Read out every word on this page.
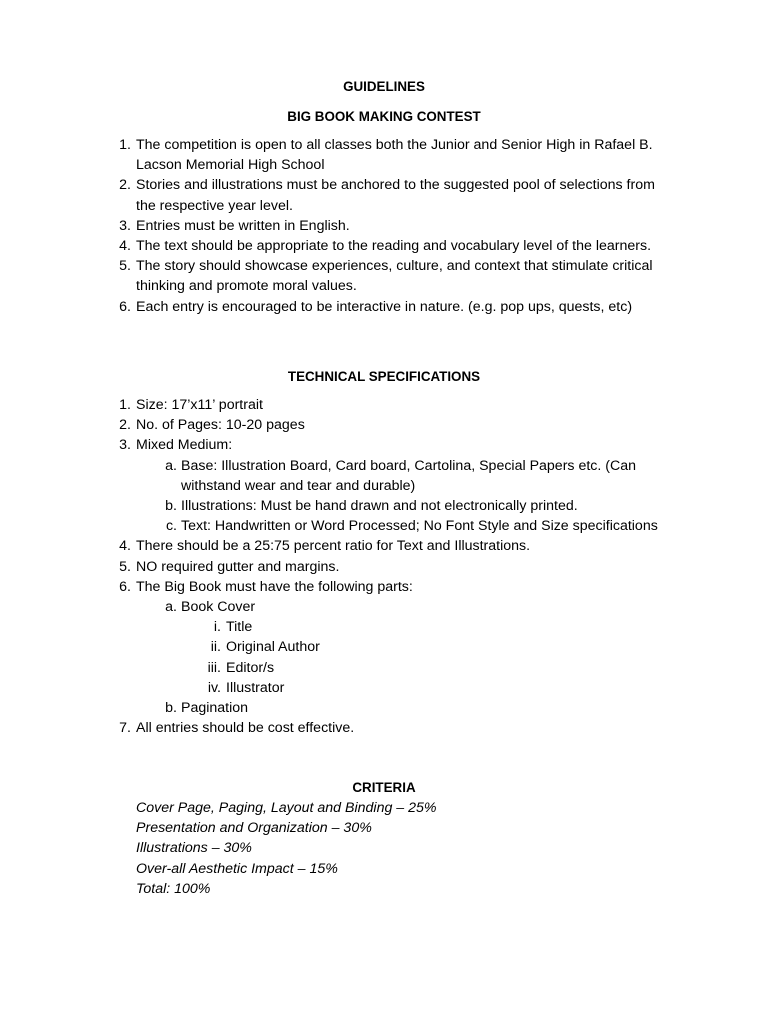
GUIDELINES
BIG BOOK MAKING CONTEST
1. The competition is open to all classes both the Junior and Senior High in Rafael B. Lacson Memorial High School
2. Stories and illustrations must be anchored to the suggested pool of selections from the respective year level.
3. Entries must be written in English.
4. The text should be appropriate to the reading and vocabulary level of the learners.
5. The story should showcase experiences, culture, and context that stimulate critical thinking and promote moral values.
6. Each entry is encouraged to be interactive in nature. (e.g. pop ups, quests, etc)
TECHNICAL SPECIFICATIONS
1. Size: 17’x11’ portrait
2. No. of Pages: 10-20 pages
3. Mixed Medium:
a. Base: Illustration Board, Card board, Cartolina, Special Papers etc. (Can withstand wear and tear and durable)
b. Illustrations: Must be hand drawn and not electronically printed.
c. Text: Handwritten or Word Processed; No Font Style and Size specifications
4. There should be a 25:75 percent ratio for Text and Illustrations.
5. NO required gutter and margins.
6. The Big Book must have the following parts:
a. Book Cover
i. Title
ii. Original Author
iii. Editor/s
iv. Illustrator
b. Pagination
7. All entries should be cost effective.
CRITERIA
Cover Page, Paging, Layout and Binding – 25%
Presentation and Organization – 30%
Illustrations – 30%
Over-all Aesthetic Impact – 15%
Total: 100%
